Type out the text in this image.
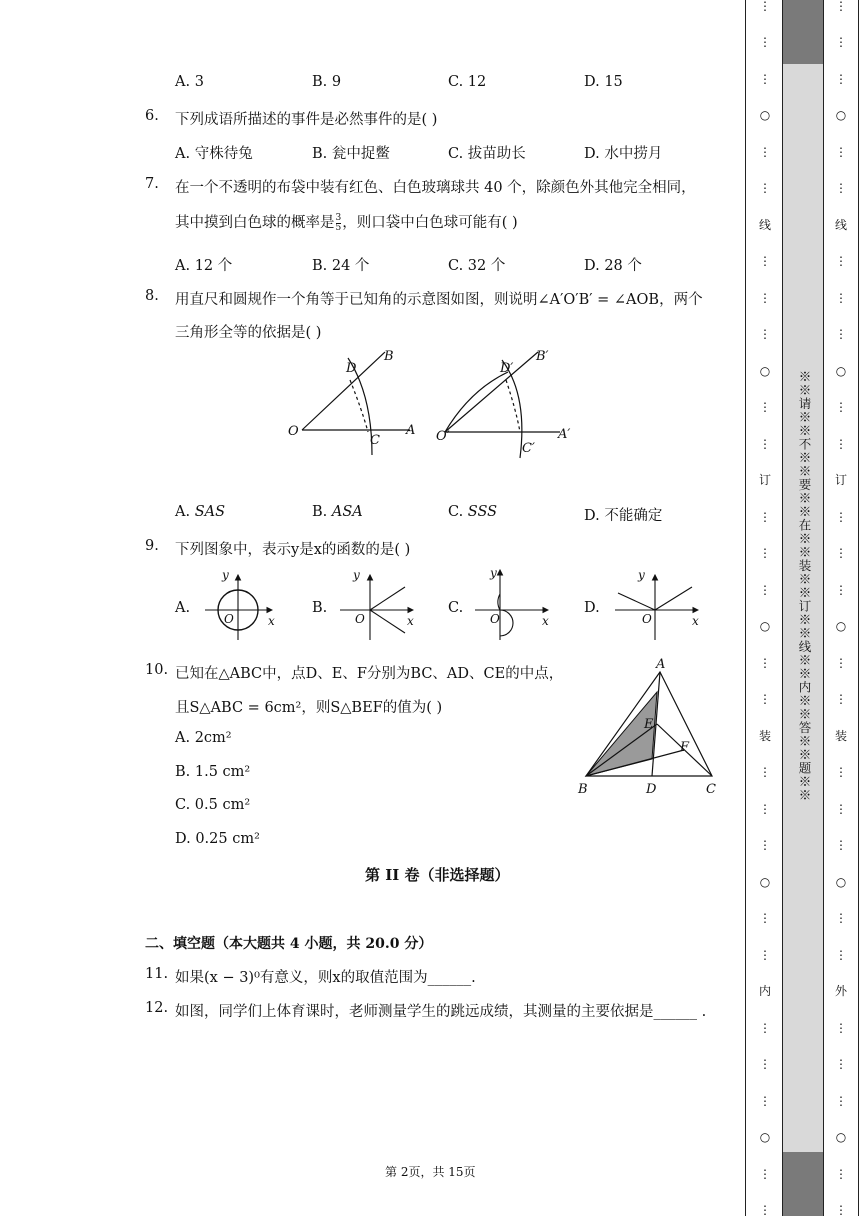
A. 3	B. 9	C. 12	D. 15
6. 下列成语所描述的事件是必然事件的是( )
A. 守株待兔	B. 瓮中捉鳖	C. 拔苗助长	D. 水中捞月
7. 在一个不透明的布袋中装有红色、白色玻璃球共 40 个，除颜色外其他完全相同，
其中摸到白色球的概率是 $\frac{3}{5}$ ，则口袋中白色球可能有( )
A. 12 个	B. 24 个	C. 32 个	D. 28 个
8. 用直尺和圆规作一个角等于已知角的示意图如图，则说明∠A′O′B′ = ∠AOB，两个
三角形全等的依据是( )
D
B
O
C
A
D′
B′
O′
C′
A′
A. SAS	B. ASA	C. SSS	D. 不能确定
9. 下列图象中，表示y是x的函数的是( )
A.	B.	C.	D.
y
x
O
y
x
O
y
x
O
y
x
O
10. 已知在△ABC中，点D、E、F分别为BC、AD、CE的中点，
且S△ABC = 6cm²，则S△BEF的值为( )
A. 2cm²
B. 1.5 cm²
C. 0.5 cm²
D. 0.25 cm²
A
B	C
D
E
F
第 II 卷（非选择题）
二、填空题（本大题共 4 小题，共 20.0 分）
11. 如果(x − 3)⁰有意义，则x的取值范围为______.
12. 如图，同学们上体育课时，老师测量学生的跳远成绩，其测量的主要依据是______ .
第 2页，共 15页
※※请※※不※※要※※在※※装※※订※※线※※内※※答※※题※※
⋮
⋮
⋮
○
⋮
⋮
线
⋮
⋮
⋮
○
⋮
⋮
订
⋮
⋮
⋮
○
⋮
⋮
装
⋮
⋮
⋮
○
⋮
⋮
内
⋮
⋮
⋮
○
⋮
⋮
⋮
⋮
⋮
○
⋮
⋮
线
⋮
⋮
⋮
○
⋮
⋮
订
⋮
⋮
⋮
○
⋮
⋮
装
⋮
⋮
⋮
○
⋮
⋮
外
⋮
⋮
⋮
○
⋮
⋮
